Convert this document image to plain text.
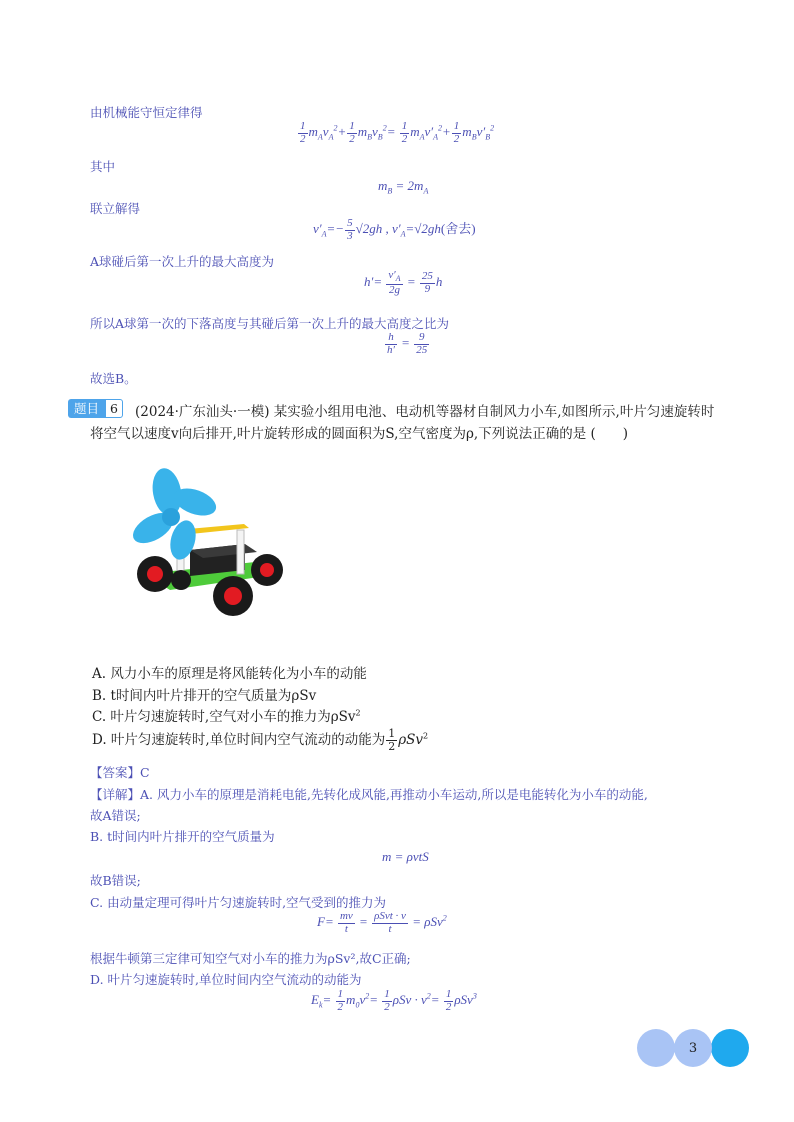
由机械能守恒定律得
$\frac{1}{2} m_Av_A^2+ \frac{1}{2} m_Bv_B^2= \frac{1}{2} m_Av'_A^2+ \frac{1}{2} m_Bv'_B^2$
其中
$m_B = 2m_A$
联立解得
$v'_A=- \frac{5}{3} √2gh$ , $v'_A=√2gh$(舍去)
A球碰后第一次上升的最大高度为
$h'= \frac{v'_A}{2g} = \frac{25}{9}$ h
所以A球第一次的下落高度与其碰后第一次上升的最大高度之比为
$\frac{h}{h'} = \frac{9}{25}$
故选B。
题目 6	(2024·广东汕头·一模) 某实验小组用电池、电动机等器材自制风力小车,如图所示,叶片匀速旋转时
将空气以速度v向后排开,叶片旋转形成的圆面积为S,空气密度为ρ,下列说法正确的是 (　　)
A. 风力小车的原理是将风能转化为小车的动能
B. t时间内叶片排开的空气质量为ρSv
C. 叶片匀速旋转时,空气对小车的推力为ρSv$^2$
D. 叶片匀速旋转时,单位时间内空气流动的动能为 $\frac{1}{2} \rho Sv^2$
【答案】C
【详解】A. 风力小车的原理是消耗电能,先转化成风能,再推动小车运动,所以是电能转化为小车的动能,
故A错误;
B. t时间内叶片排开的空气质量为
m = ρvtS
故B错误;
C. 由动量定理可得叶片匀速旋转时,空气受到的推力为
$F= \frac{mv}{t} = \frac{\text{ρSvt · v}}{t} = \rho Sv^2$
根据牛顿第三定律可知空气对小车的推力为ρSv²,故C正确;
D. 叶片匀速旋转时,单位时间内空气流动的动能为
$E_k= \frac{1}{2} m_0v^2= \frac{1}{2}$ $\rho Sv \cdot v^2= \frac{1}{2} \rho Sv^3$
3
